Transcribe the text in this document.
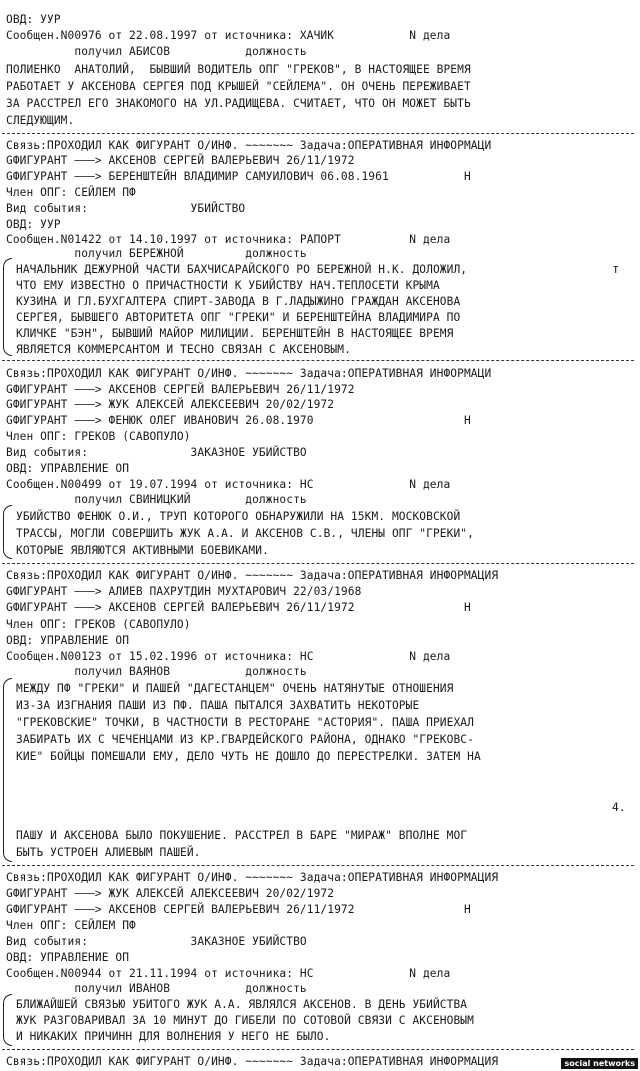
ОВД: УУР
Сообщен.N00976 от 22.08.1997 от источника: ХАЧИК           N дела
получил АБИСОВ           должность
ПОЛИЕНКО  АНАТОЛИЙ,  БЫВШИЙ ВОДИТЕЛЬ ОПГ "ГРЕКОВ", В НАСТОЯЩЕЕ ВРЕМЯ
РАБОТАЕТ У АКСЕНОВА СЕРГЕЯ ПОД КРЫШЕЙ "СЕЙЛЕМА". ОН ОЧЕНЬ ПЕРЕЖИВАЕТ
ЗА РАССТРЕЛ ЕГО ЗНАКОМОГО НА УЛ.РАДИЩЕВА. СЧИТАЕТ, ЧТО ОН МОЖЕТ БЫТЬ
СЛЕДУЮЩИМ.
Связь:ПРОХОДИЛ КАК ФИГУРАНТ О/ИНФ. ~~~~~~~ Задача:ОПЕРАТИВНАЯ ИНФОРМАЦИ
GФИГУРАНТ ———> АКСЕНОВ СЕРГЕЙ ВАЛЕРЬЕВИЧ 26/11/1972
GФИГУРАНТ ———> БЕРЕНШТЕЙН ВЛАДИМИР САМУИЛОВИЧ 06.08.1961           Н
Член ОПГ: СЕЙЛЕМ ПФ
Вид события:               УБИЙСТВО
ОВД: УУР
Сообщен.N01422 от 14.10.1997 от источника: РАПОРТ          N дела
получил БЕРЕЖНОЙ         должность
НАЧАЛЬНИК ДЕЖУРНОЙ ЧАСТИ БАХЧИСАРАЙСКОГО РО БЕРЕЖНОЙ Н.К. ДОЛОЖИЛ,
ЧТО ЕМУ ИЗВЕСТНО О ПРИЧАСТНОСТИ К УБИЙСТВУ НАЧ.ТЕПЛОСЕТИ КРЫМА
КУЗИНА И ГЛ.БУХГАЛТЕРА СПИРТ-ЗАВОДА В Г.ЛАДЫЖИНО ГРАЖДАН АКСЕНОВА
СЕРГЕЯ, БЫВШЕГО АВТОРИТЕТА ОПГ "ГРЕКИ" И БЕРЕНШТЕЙНА ВЛАДИМИРА ПО
КЛИЧКЕ "БЭН", БЫВШИЙ МАЙОР МИЛИЦИИ. БЕРЕНШТЕЙН В НАСТОЯЩЕЕ ВРЕМЯ
ЯВЛЯЕТСЯ КОММЕРСАНТОМ И ТЕСНО СВЯЗАН С АКСЕНОВЫМ.
Связь:ПРОХОДИЛ КАК ФИГУРАНТ О/ИНФ. ~~~~~~~ Задача:ОПЕРАТИВНАЯ ИНФОРМАЦИ
GФИГУРАНТ ———> АКСЕНОВ СЕРГЕЙ ВАЛЕРЬЕВИЧ 26/11/1972
GФИГУРАНТ ———> ЖУК АЛЕКСЕЙ АЛЕКСЕЕВИЧ 20/02/1972
GФИГУРАНТ ———> ФЕНЮК ОЛЕГ ИВАНОВИЧ 26.08.1970                      Н
Член ОПГ: ГРЕКОВ (САВОПУЛО)
Вид события:               ЗАКАЗНОЕ УБИЙСТВО
ОВД: УПРАВЛЕНИЕ ОП
Сообщен.N00499 от 19.07.1994 от источника: НС              N дела
получил СВИНИЦКИЙ        должность
УБИЙСТВО ФЕНЮК О.И., ТРУП КОТОРОГО ОБНАРУЖИЛИ НА 15КМ. МОСКОВСКОЙ
ТРАССЫ, МОГЛИ СОВЕРШИТЬ ЖУК А.А. И АКСЕНОВ С.В., ЧЛЕНЫ ОПГ "ГРЕКИ",
КОТОРЫЕ ЯВЛЯЮТСЯ АКТИВНЫМИ БОЕВИКАМИ.
Связь:ПРОХОДИЛ КАК ФИГУРАНТ О/ИНФ. ~~~~~~~ Задача:ОПЕРАТИВНАЯ ИНФОРМАЦИЯ
GФИГУРАНТ ———> АЛИЕВ ПАХРУТДИН МУХТАРОВИЧ 22/03/1968
GФИГУРАНТ ———> АКСЕНОВ СЕРГЕЙ ВАЛЕРЬЕВИЧ 26/11/1972                Н
Член ОПГ: ГРЕКОВ (САВОПУЛО)
ОВД: УПРАВЛЕНИЕ ОП
Сообщен.N00123 от 15.02.1996 от источника: НС              N дела
получил ВАЯНОВ           должность
МЕЖДУ ПФ "ГРЕКИ" И ПАШЕЙ "ДАГЕСТАНЦЕМ" ОЧЕНЬ НАТЯНУТЫЕ ОТНОШЕНИЯ
ИЗ-ЗА ИЗГНАНИЯ ПАШИ ИЗ ПФ. ПАША ПЫТАЛСЯ ЗАХВАТИТЬ НЕКОТОРЫЕ
"ГРЕКОВСКИЕ" ТОЧКИ, В ЧАСТНОСТИ В РЕСТОРАНЕ "АСТОРИЯ". ПАША ПРИЕХАЛ
ЗАБИРАТЬ ИХ С ЧЕЧЕНЦАМИ ИЗ КР.ГВАРДЕЙСКОГО РАЙОНА, ОДНАКО "ГРЕКОВС-
КИЕ" БОЙЦЫ ПОМЕШАЛИ ЕМУ, ДЕЛО ЧУТЬ НЕ ДОШЛО ДО ПЕРЕСТРЕЛКИ. ЗАТЕМ НА
4.
ПАШУ И АКСЕНОВА БЫЛО ПОКУШЕНИЕ. РАССТРЕЛ В БАРЕ "МИРАЖ" ВПОЛНЕ МОГ
БЫТЬ УСТРОЕН АЛИЕВЫМ ПАШЕЙ.
Связь:ПРОХОДИЛ КАК ФИГУРАНТ О/ИНФ. ~~~~~~~ Задача:ОПЕРАТИВНАЯ ИНФОРМАЦИЯ
GФИГУРАНТ ———> ЖУК АЛЕКСЕЙ АЛЕКСЕЕВИЧ 20/02/1972
GФИГУРАНТ ———> АКСЕНОВ СЕРГЕЙ ВАЛЕРЬЕВИЧ 26/11/1972                Н
Член ОПГ: СЕЙЛЕМ ПФ
Вид события:               ЗАКАЗНОЕ УБИЙСТВО
ОВД: УПРАВЛЕНИЕ ОП
Сообщен.N00944 от 21.11.1994 от источника: НС              N дела
получил ИВАНОВ           должность
БЛИЖАЙШЕЙ СВЯЗЬЮ УБИТОГО ЖУК А.А. ЯВЛЯЛСЯ АКСЕНОВ. В ДЕНЬ УБИЙСТВА
ЖУК РАЗГОВАРИВАЛ ЗА 10 МИНУТ ДО ГИБЕЛИ ПО СОТОВОЙ СВЯЗИ С АКСЕНОВЫМ
И НИКАКИХ ПРИЧИНН ДЛЯ ВОЛНЕНИЯ У НЕГО НЕ БЫЛО.
Связь:ПРОХОДИЛ КАК ФИГУРАНТ О/ИНФ. ~~~~~~~ Задача:ОПЕРАТИВНАЯ ИНФОРМАЦИЯ
т
social networks
